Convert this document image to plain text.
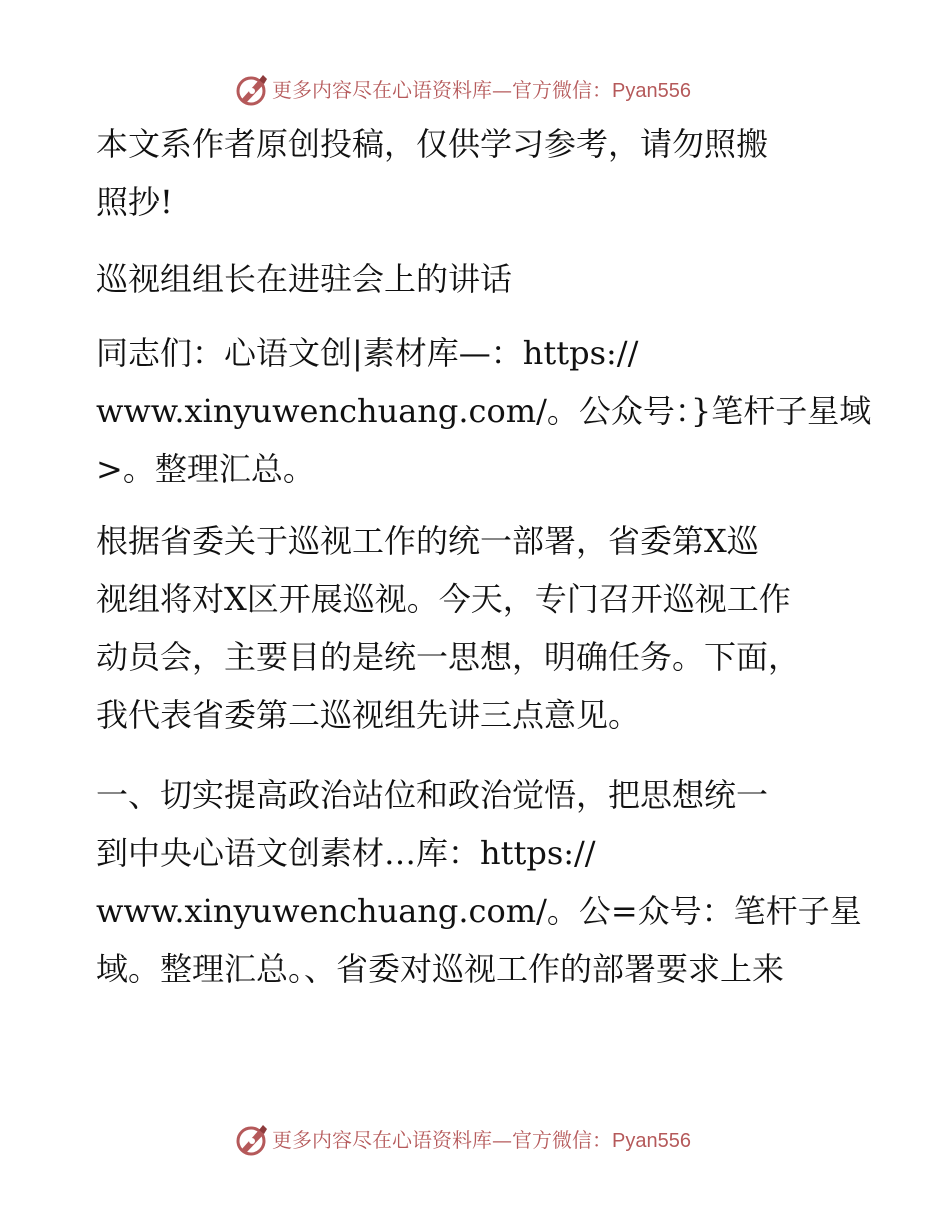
更多内容尽在心语资料库—官方微信：Pyan556
本文系作者原创投稿，仅供学习参考，请勿照搬
照抄!
巡视组组长在进驻会上的讲话
同志们：心语文创|素材库—：https://
www.xinyuwenchuang.com/。公众号：}笔杆子星域
>。整理汇总。
根据省委关于巡视工作的统一部署，省委第X巡
视组将对X区开展巡视。今天，专门召开巡视工作
动员会，主要目的是统一思想，明确任务。下面，
我代表省委第二巡视组先讲三点意见。
一、切实提高政治站位和政治觉悟，把思想统一
到中央心语文创素材…库：https://
www.xinyuwenchuang.com/。公=众号：笔杆子星
域。整理汇总。、省委对巡视工作的部署要求上来
更多内容尽在心语资料库—官方微信：Pyan556
